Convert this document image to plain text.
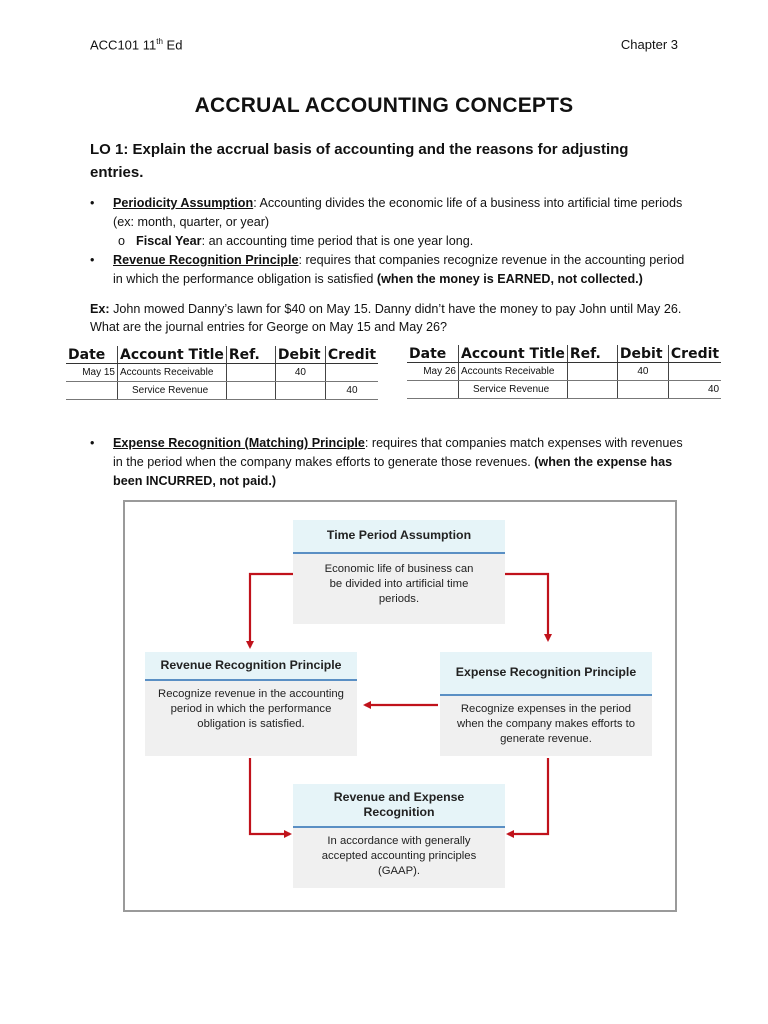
ACC101 11th Ed	Chapter 3
ACCRUAL ACCOUNTING CONCEPTS
LO 1: Explain the accrual basis of accounting and the reasons for adjusting entries.
• Periodicity Assumption: Accounting divides the economic life of a business into artificial time periods (ex: month, quarter, or year)
o Fiscal Year: an accounting time period that is one year long.
• Revenue Recognition Principle: requires that companies recognize revenue in the accounting period in which the performance obligation is satisfied (when the money is EARNED, not collected.)
Ex: John mowed Danny’s lawn for $40 on May 15. Danny didn’t have the money to pay John until May 26. What are the journal entries for George on May 15 and May 26?
Date	Account Title	Ref.	Debit	Credit
May 15	Accounts Receivable		40	
	Service Revenue			40
Date	Account Title	Ref.	Debit	Credit
May 26	Accounts Receivable		40	
	Service Revenue			40
•	Expense Recognition (Matching) Principle: requires that companies match expenses with revenues in the period when the company makes efforts to generate those revenues. (when the expense has been INCURRED, not paid.)
Time Period Assumption
Economic life of business can be divided into artificial time periods.
Revenue Recognition Principle
Recognize revenue in the accounting period in which the performance obligation is satisfied.
Expense Recognition Principle
Recognize expenses in the period when the company makes efforts to generate revenue.
Revenue and Expense Recognition
In accordance with generally accepted accounting principles (GAAP).
